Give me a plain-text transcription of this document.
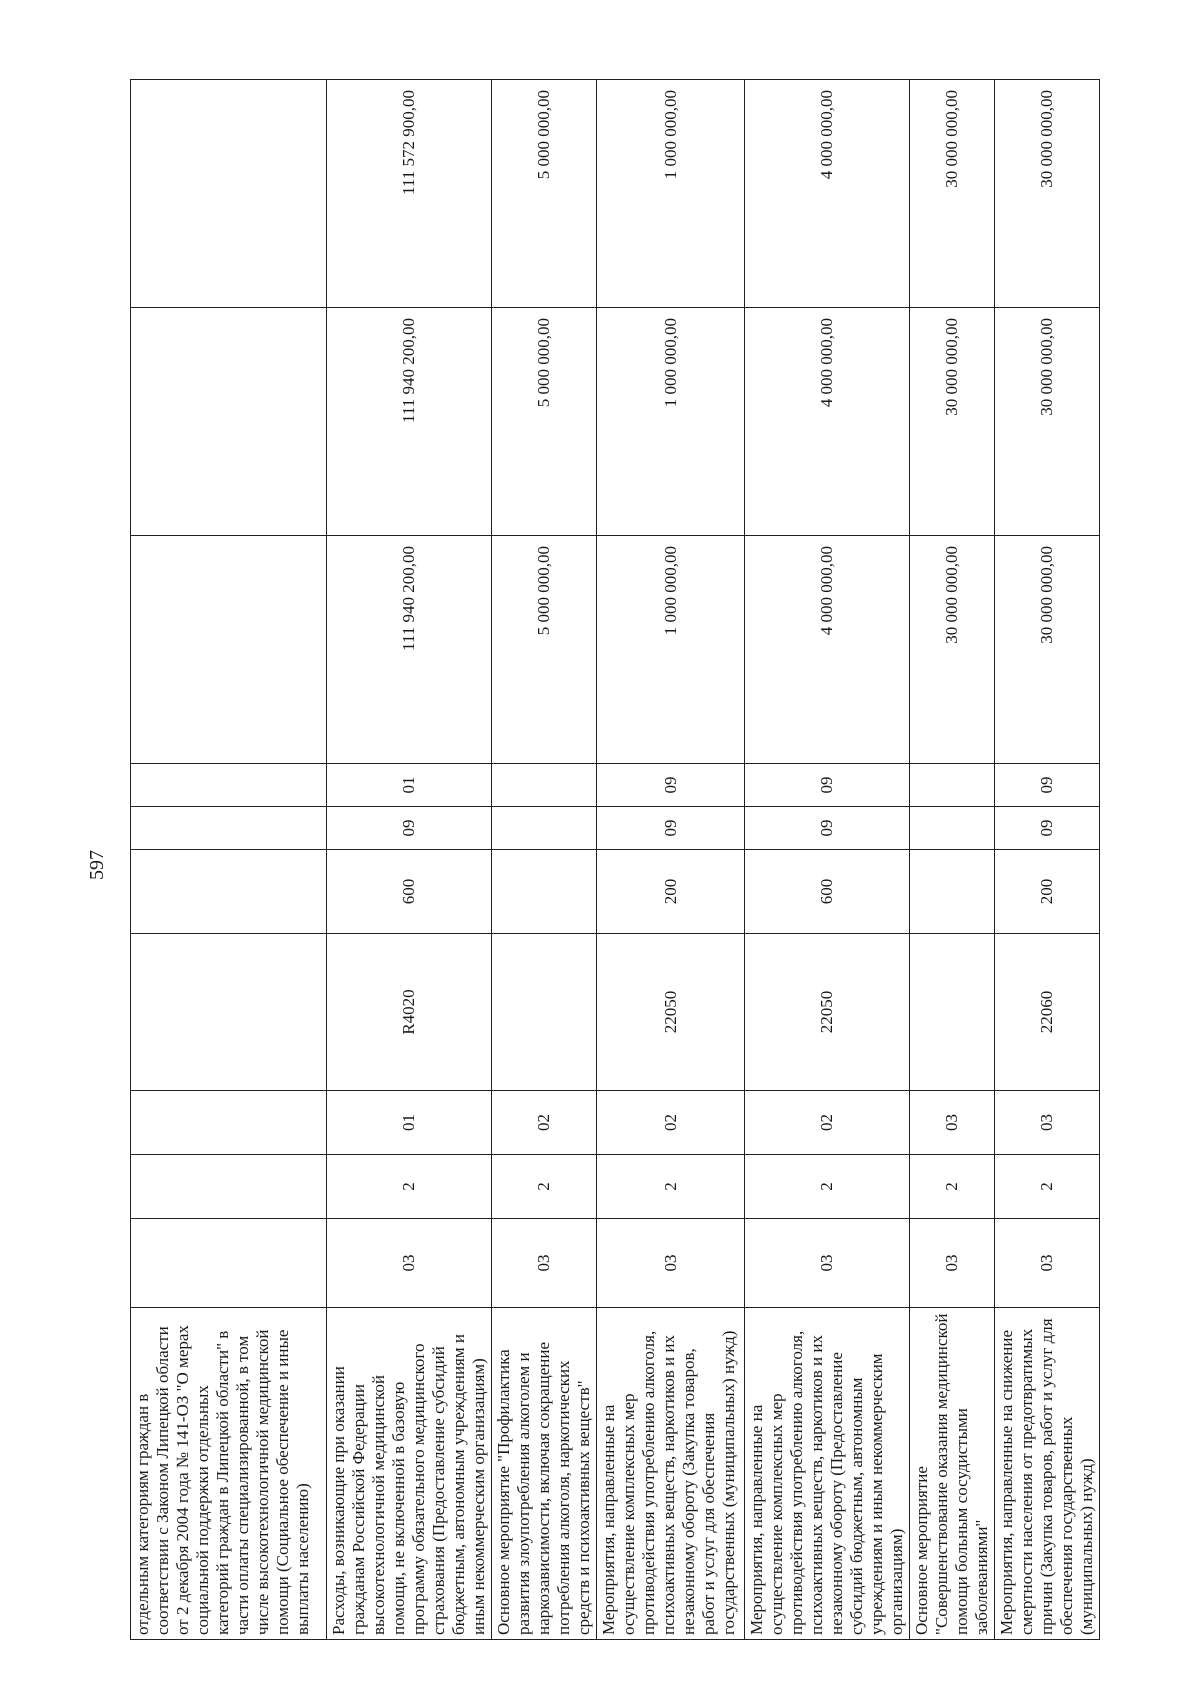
597
отдельным категориям граждан в соответствии с Законом Липецкой области от 2 декабря 2004 года № 141-ОЗ "О мерах социальной поддержки отдельных категорий граждан в Липецкой области" в части оплаты специализированной, в том числе высокотехнологичной медицинской помощи (Социальное обеспечение и иные выплаты населению)										
Расходы, возникающие при оказании гражданам Российской Федерации высокотехнологичной медицинской помощи, не включенной в базовую программу обязательного медицинского страхования (Предоставление субсидий бюджетным, автономным учреждениям и иным некоммерческим организациям)	03	2	01	R4020	600	09	01	111 940 200,00	111 940 200,00	111 572 900,00
Основное мероприятие "Профилактика развития злоупотребления алкоголем и наркозависимости, включая сокращение потребления алкоголя, наркотических средств и психоактивных веществ"	03	2	02					5 000 000,00	5 000 000,00	5 000 000,00
Мероприятия, направленные на осуществление комплексных мер противодействия употреблению алкоголя, психоактивных веществ, наркотиков и их незаконному обороту (Закупка товаров, работ и услуг для обеспечения государственных (муниципальных) нужд)	03	2	02	22050	200	09	09	1 000 000,00	1 000 000,00	1 000 000,00
Мероприятия, направленные на осуществление комплексных мер противодействия употреблению алкоголя, психоактивных веществ, наркотиков и их незаконному обороту (Предоставление субсидий бюджетным, автономным учреждениям и иным некоммерческим организациям)	03	2	02	22050	600	09	09	4 000 000,00	4 000 000,00	4 000 000,00
Основное мероприятие "Совершенствование оказания медицинской помощи больным сосудистыми заболеваниями"	03	2	03					30 000 000,00	30 000 000,00	30 000 000,00
Мероприятия, направленные на снижение смертности населения от предотвратимых причин (Закупка товаров, работ и услуг для обеспечения государственных (муниципальных) нужд)	03	2	03	22060	200	09	09	30 000 000,00	30 000 000,00	30 000 000,00
